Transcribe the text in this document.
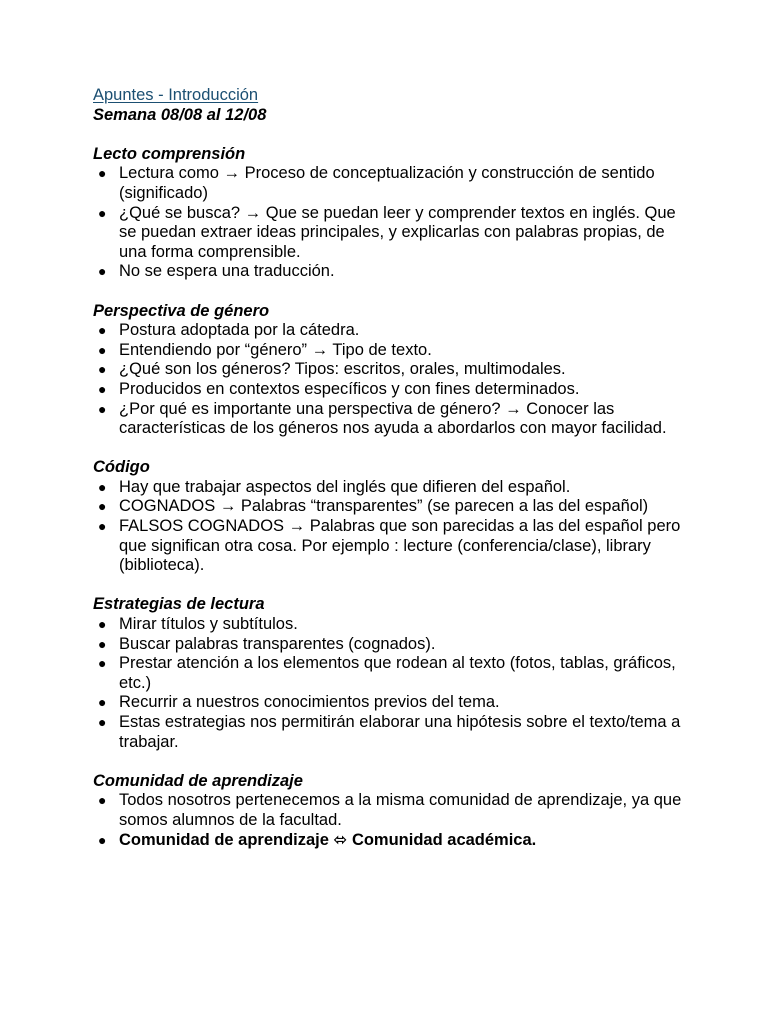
Apuntes - Introducción
Semana 08/08 al 12/08
Lecto comprensión
● Lectura como → Proceso de conceptualización y construcción de sentido (significado)
● ¿Qué se busca? → Que se puedan leer y comprender textos en inglés. Que se puedan extraer ideas principales, y explicarlas con palabras propias, de una forma comprensible.
● No se espera una traducción.
Perspectiva de género
● Postura adoptada por la cátedra.
● Entendiendo por “género” → Tipo de texto.
● ¿Qué son los géneros? Tipos: escritos, orales, multimodales.
● Producidos en contextos específicos y con fines determinados.
● ¿Por qué es importante una perspectiva de género? → Conocer las características de los géneros nos ayuda a abordarlos con mayor facilidad.
Código
● Hay que trabajar aspectos del inglés que difieren del español.
● COGNADOS → Palabras “transparentes” (se parecen a las del español)
● FALSOS COGNADOS → Palabras que son parecidas a las del español pero que significan otra cosa. Por ejemplo : lecture (conferencia/clase), library (biblioteca).
Estrategias de lectura
● Mirar títulos y subtítulos.
● Buscar palabras transparentes (cognados).
● Prestar atención a los elementos que rodean al texto (fotos, tablas, gráficos, etc.)
● Recurrir a nuestros conocimientos previos del tema.
● Estas estrategias nos permitirán elaborar una hipótesis sobre el texto/tema a trabajar.
Comunidad de aprendizaje
● Todos nosotros pertenecemos a la misma comunidad de aprendizaje, ya que somos alumnos de la facultad.
● Comunidad de aprendizaje ⬄ Comunidad académica.
